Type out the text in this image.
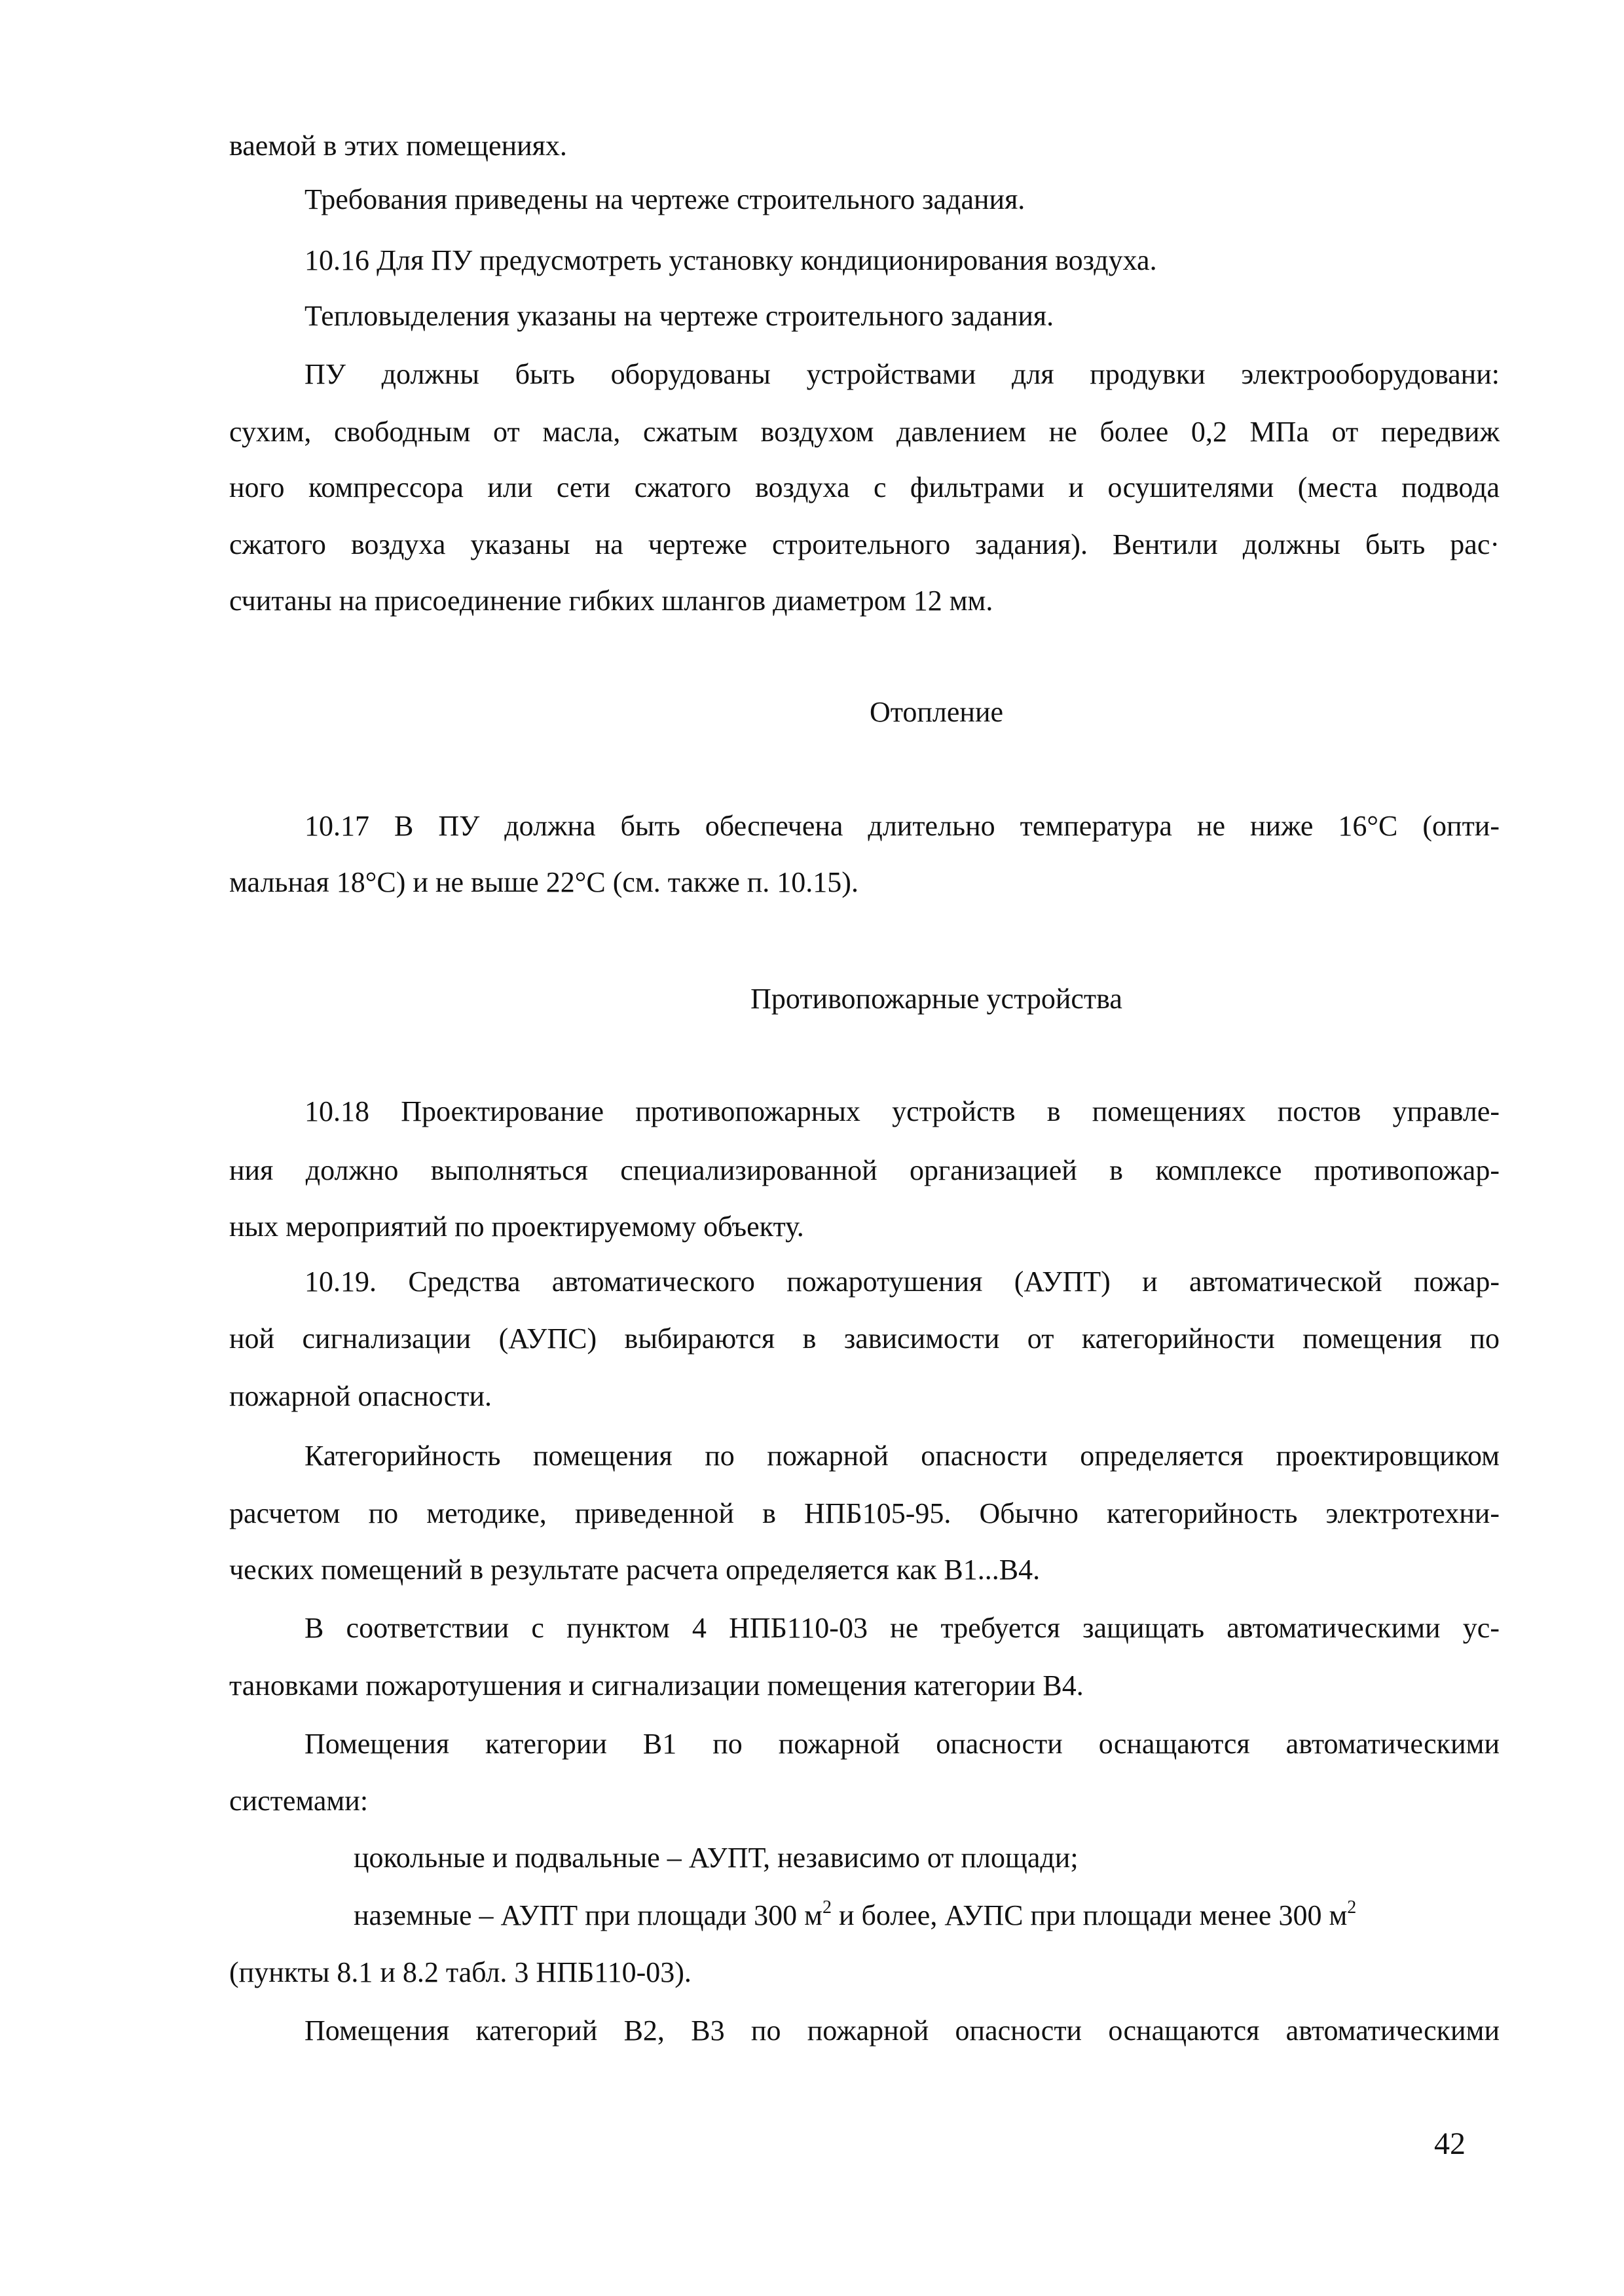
ваемой в этих помещениях.
Требования приведены на чертеже строительного задания.
10.16 Для ПУ предусмотреть установку кондиционирования воздуха.
Тепловыделения указаны на чертеже строительного задания.
ПУ должны быть оборудованы устройствами для продувки электрооборудовани:
сухим, свободным от масла, сжатым воздухом давлением не более 0,2 МПа от передвиж
ного компрессора или сети сжатого воздуха с фильтрами и осушителями (места подвода
сжатого воздуха указаны на чертеже строительного задания). Вентили должны быть рас·
считаны на присоединение гибких шлангов диаметром 12 мм.
Отопление
10.17 В ПУ должна быть обеспечена длительно температура не ниже 16°С (опти-
мальная 18°С) и не выше 22°С (см. также п. 10.15).
Противопожарные устройства
10.18 Проектирование противопожарных устройств в помещениях постов управле-
ния должно выполняться специализированной организацией в комплексе противопожар-
ных мероприятий по проектируемому объекту.
10.19. Средства автоматического пожаротушения (АУПТ) и автоматической пожар-
ной сигнализации (АУПС) выбираются в зависимости от категорийности помещения по
пожарной опасности.
Категорийность помещения по пожарной опасности определяется проектировщиком
расчетом по методике, приведенной в НПБ105-95. Обычно категорийность электротехни-
ческих помещений в результате расчета определяется как В1...В4.
В соответствии с пунктом 4 НПБ110-03 не требуется защищать автоматическими ус-
тановками пожаротушения и сигнализации помещения категории В4.
Помещения категории В1 по пожарной опасности оснащаются автоматическими
системами:
цокольные и подвальные – АУПТ, независимо от площади;
наземные – АУПТ при площади 300 $м^2$ и более, АУПС при площади менее 300 $м^2$
(пункты 8.1 и 8.2 табл. 3 НПБ110-03).
Помещения категорий В2, В3 по пожарной опасности оснащаются автоматическими
42
